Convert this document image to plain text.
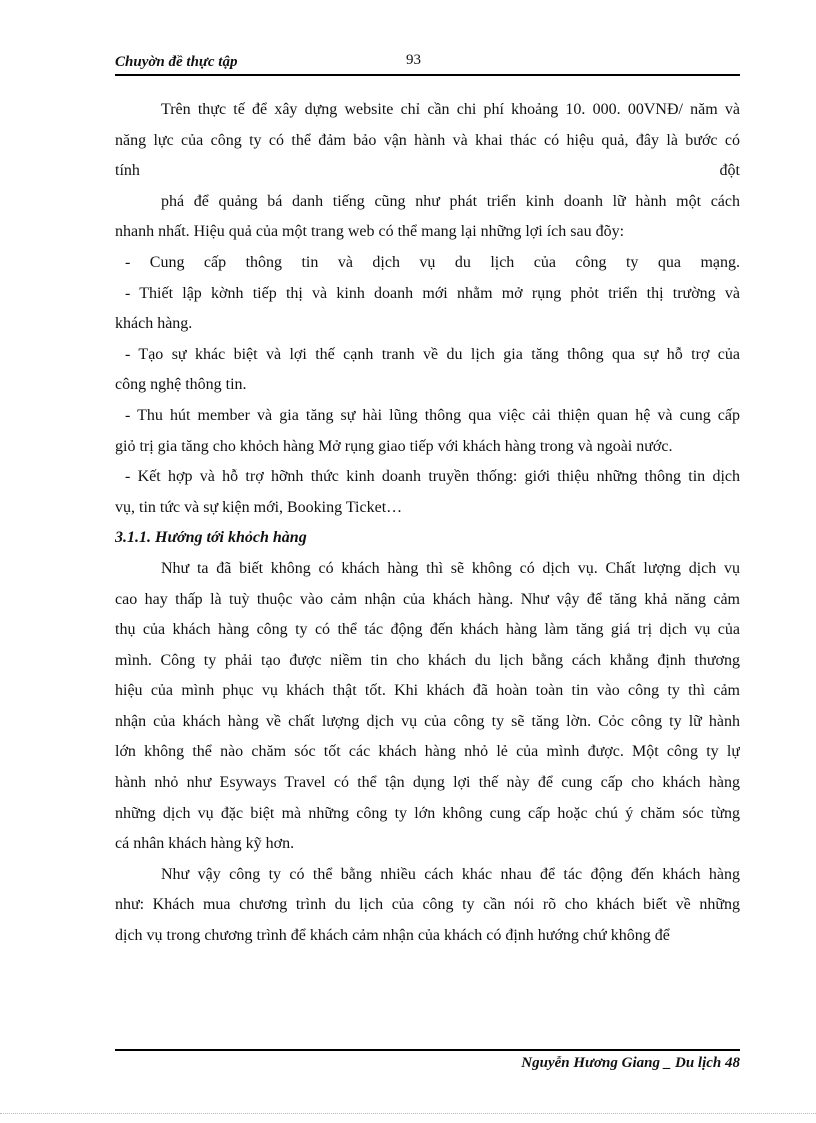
Chuyờn đề thực tập	93
Trên thực tế để xây dựng website chỉ cần chi phí khoảng 10. 000. 00VNĐ/ năm và
năng lực của công ty có thể đảm bảo vận hành và khai thác có hiệu quả, đây là bước có
tính	đột
phá để quảng bá danh tiếng cũng như phát triển kinh doanh lữ hành một cách
nhanh nhất. Hiệu quả của một trang web có thể mang lại những lợi ích sau đõy:
- Cung cấp thông tin và dịch vụ du lịch của công ty qua mạng.
- Thiết lập kờnh tiếp thị và kinh doanh mới nhằm mở rụng phỏt triển thị trường và
khách hàng.
- Tạo sự khác biệt và lợi thế cạnh tranh về du lịch gia tăng thông qua sự hỗ trợ của
công nghệ thông tin.
- Thu hút member và gia tăng sự hài lũng thông qua việc cải thiện quan hệ và cung cấp
giỏ trị gia tăng cho khỏch hàng Mở rụng giao tiếp với khách hàng trong và ngoài nước.
- Kết hợp và hỗ trợ hỡnh thức kinh doanh truyền thống: giới thiệu những thông tin dịch
vụ, tin tức và sự kiện mới, Booking Ticket…
3.1.1. Hướng tới khỏch hàng
Như ta đã biết không có khách hàng thì sẽ không có dịch vụ. Chất lượng dịch vụ
cao hay thấp là tuỳ thuộc vào cảm nhận của khách hàng. Như vậy để tăng khả năng cảm
thụ của khách hàng công ty có thể tác động đến khách hàng làm tăng giá trị dịch vụ của
mình. Công ty phải tạo được niềm tin cho khách du lịch bằng cách khẳng định thương
hiệu của mình phục vụ khách thật tốt. Khi khách đã hoàn toàn tin vào công ty thì cảm
nhận của khách hàng về chất lượng dịch vụ của công ty sẽ tăng lờn. Cỏc công ty lữ hành
lớn không thể nào chăm sóc tốt các khách hàng nhỏ lẻ của mình được. Một công ty lự
hành nhỏ như Esyways Travel có thể tận dụng lợi thế này để cung cấp cho khách hàng
những dịch vụ đặc biệt mà những công ty lớn không cung cấp hoặc chú ý chăm sóc từng
cá nhân khách hàng kỹ hơn.
Như vậy công ty có thể bằng nhiều cách khác nhau để tác động đến khách hàng
như: Khách mua chương trình du lịch của công ty cần nói rõ cho khách biết về những
dịch vụ trong chương trình để khách cảm nhận của khách có định hướng chứ không để
Nguyễn Hương Giang _ Du lịch 48
